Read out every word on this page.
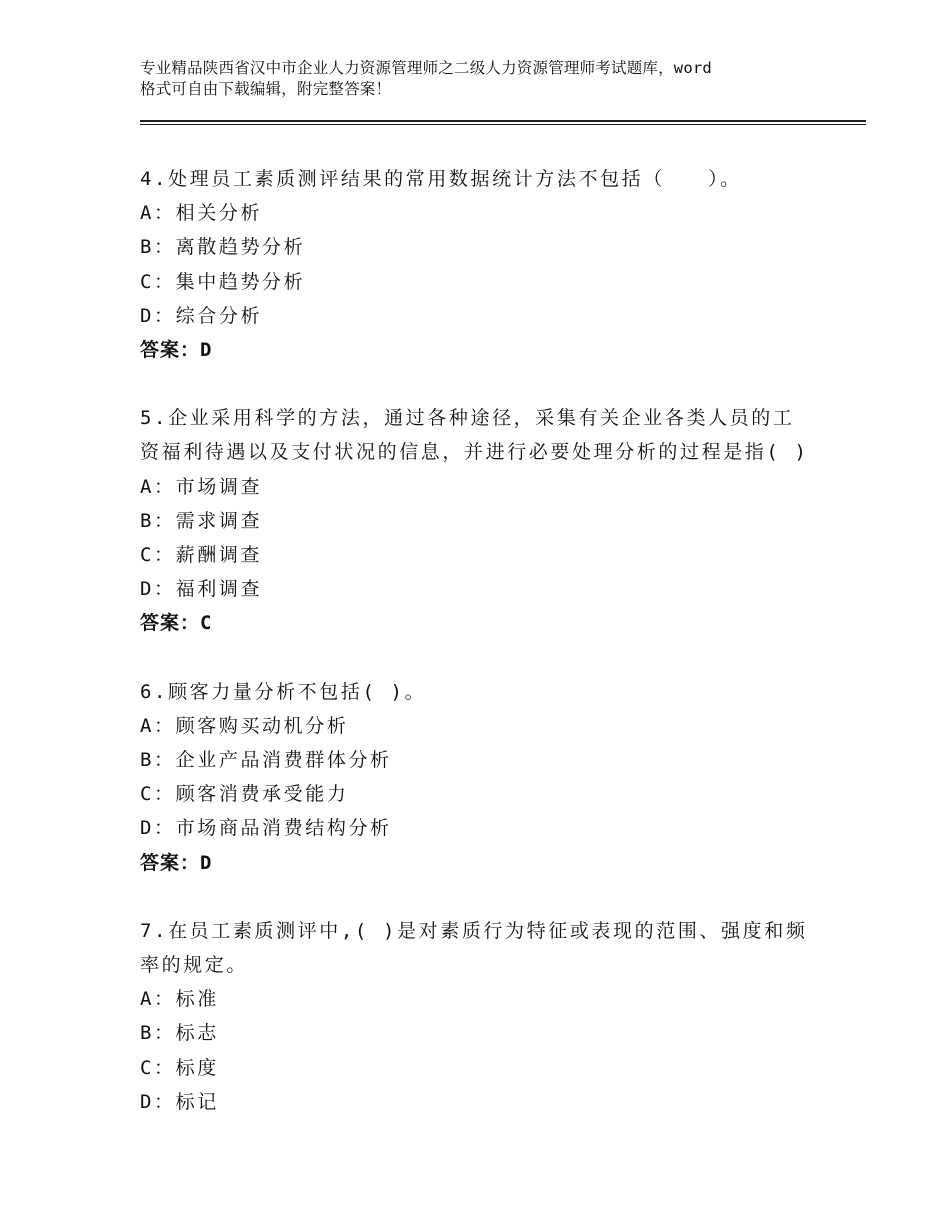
专业精品陕西省汉中市企业人力资源管理师之二级人力资源管理师考试题库，word
格式可自由下载编辑，附完整答案！
4.处理员工素质测评结果的常用数据统计方法不包括（　　）。
A：相关分析
B：离散趋势分析
C：集中趋势分析
D：综合分析
答案：D
5.企业采用科学的方法，通过各种途径，采集有关企业各类人员的工
资福利待遇以及支付状况的信息，并进行必要处理分析的过程是指( )
A：市场调查
B：需求调查
C：薪酬调查
D：福利调查
答案：C
6.顾客力量分析不包括( )。
A：顾客购买动机分析
B：企业产品消费群体分析
C：顾客消费承受能力
D：市场商品消费结构分析
答案：D
7.在员工素质测评中,( )是对素质行为特征或表现的范围、强度和频
率的规定。
A：标准
B：标志
C：标度
D：标记
